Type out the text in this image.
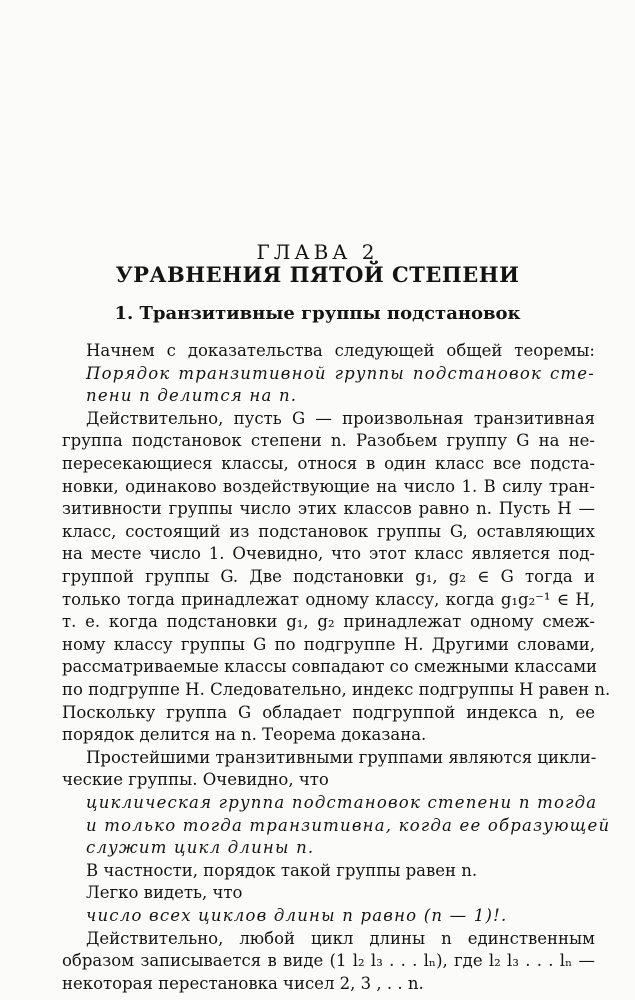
ГЛАВА 2
УРАВНЕНИЯ ПЯТОЙ СТЕПЕНИ
1. Транзитивные группы подстановок
Начнем с доказательства следующей общей теоремы:
Порядок транзитивной группы подстановок сте-
пени n делится на n.
Действительно, пусть G — произвольная транзитивная
группа подстановок степени n. Разобьем группу G на не-
пересекающиеся классы, относя в один класс все подста-
новки, одинаково воздействующие на число 1. В силу тран-
зитивности группы число этих классов равно n. Пусть H —
класс, состоящий из подстановок группы G, оставляющих
на месте число 1. Очевидно, что этот класс является под-
группой группы G. Две подстановки g₁, g₂ ∈ G тогда и
только тогда принадлежат одному классу, когда g₁g₂⁻¹ ∈ H,
т. е. когда подстановки g₁, g₂ принадлежат одному смеж-
ному классу группы G по подгруппе H. Другими словами,
рассматриваемые классы совпадают со смежными классами
по подгруппе H. Следовательно, индекс подгруппы H равен n.
Поскольку группа G обладает подгруппой индекса n, ее
порядок делится на n. Теорема доказана.
Простейшими транзитивными группами являются цикли-
ческие группы. Очевидно, что
циклическая группа подстановок степени n тогда
и только тогда транзитивна, когда ее образующей
служит цикл длины n.
В частности, порядок такой группы равен n.
Легко видеть, что
число всех циклов длины n равно (n — 1)!.
Действительно, любой цикл длины n единственным
образом записывается в виде (1 l₂ l₃ . . . lₙ), где l₂ l₃ . . . lₙ —
некоторая перестановка чисел 2, 3 , . . n.
